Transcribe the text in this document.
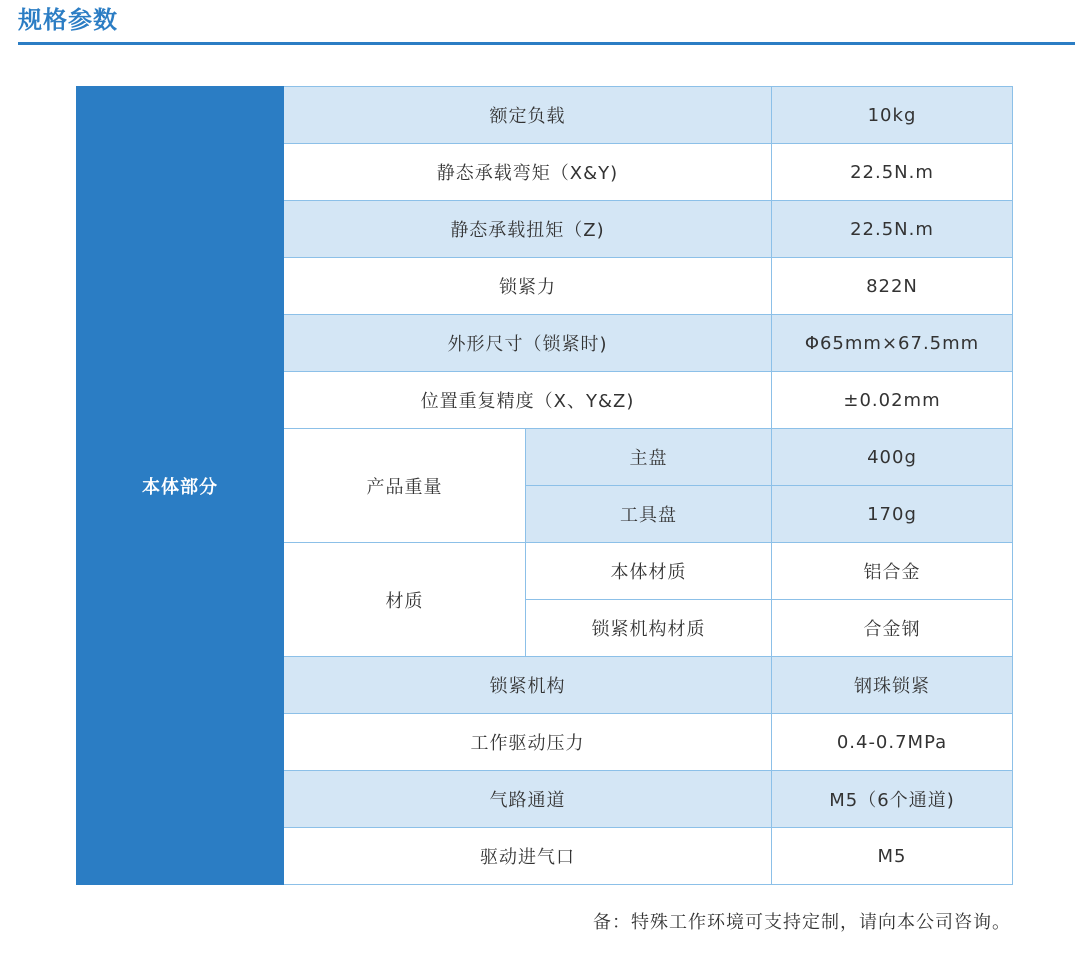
规格参数
本体部分	额定负载		10kg
	静态承载弯矩（X&Y)		22.5N.m
	静态承载扭矩（Z)		22.5N.m
	锁紧力		822N
	外形尺寸（锁紧时)		Φ65mm×67.5mm
	位置重复精度（X、Y&Z)		±0.02mm
	产品重量	主盘	400g
		工具盘	170g
	材质	本体材质	铝合金
		锁紧机构材质	合金钢
	锁紧机构		钢珠锁紧
	工作驱动压力		0.4-0.7MPa
	气路通道		M5（6个通道)
	驱动进气口		M5
备：特殊工作环境可支持定制，请向本公司咨询。
